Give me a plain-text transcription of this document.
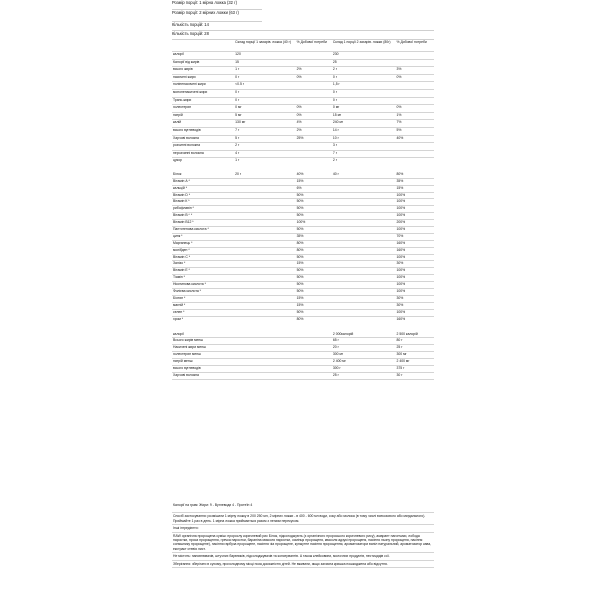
Розмір порції: 1 мірна ложка (32 г)
Розмір порції: 2 мірних ложки (63 г)
Кількість порцій: 14
Кількість порцій: 28
	Склад порції 1 захарів. ложка (40 г)	% Добової потреби	Склад 1 порції 2 захарів. ложки (80г)	% Добової потреби
калорії	120		230	
Калорії від жирів	15		25	
всього жирів	1 г	2%	2 г	3%
насичені жири	0 г	0%	0 г	0%
поліненасичені жири	<0.5 г		1,5 г	
мононенасичені жири	0 г		0 г	
Транс-жири	0 г		0 г	
холестерин	0 мг	0%	0 мг	0%
натрій	5 мг	0%	15 мг	1%
калій	130 мг	4%	240 мг	7%
всього вуглеводів	7 г	2%	14 г	5%
Харчові волокна	5 г	25%	10 г	40%
розчинні волокна	2 г		3 г	
нерозчинні волокна	4 г		7 г	
цукор	1 г		2 г	
Білок	20 г	40%	40 г	80%
Вітамін А *		15%		35%
кальцій *		6%		15%
Вітамін D *		50%		100%
Вітамін К *		50%		100%
рибофлавін *		50%		100%
Вітамін В ⁶ *		50%		100%
Вітамін В12 *		100%		200%
Пантотенова кислота *		50%		100%
цинк *		35%		70%
Марганець *		80%		160%
молібден *		80%		160%
Вітамін С *		50%		100%
Залізо *		15%		30%
Вітамін Е *		50%		100%
Тіамін *		50%		100%
Нікотинова кислота *		50%		100%
Фолієва кислота *		50%		100%
Біотин *		15%		30%
магній *		15%		30%
селен *		50%		100%
хром *		80%		160%
калорії			2 000калорій	2 500 калорій
Всього жирів менш			65 г	80 г
Насичені жири менш			20 г	25 г
холестерин менш			300 мг	300 мг
натрій менш			2 400 мг	2 400 мг
всього вуглеводів			300 г	375 г
Харчові волокна			25 г	30 г

Калорії на грам: Жири: 9 - Вуглеводи 4 - Протеїн 4

Спосіб застосування: розмішати 1 мірну ложку в 200 250 мл, 2 мірних ложки - в 400 - 600 мл води, соку або молока (в тому числі всекозового або мигдального). Приймайте 1 раз в день. 1 мірна ложка приймається разом з легким перекусом.

Інші інгредієнти:

RAW органічна пророщена суміш: пророслу коричневий рис Білок, підсолоджують (з органічного проросшого коричневого рису), амарант пагончики, лобода паростки, проса пророщення, гречка паростки, бараніна квасоля паростки, осмінця пророщеня, квасоля адзукі пророщеня, насіння льону пророщеня, насіння соняшнику пророщене), насіння гарбуза пророщене, насіння чіа пророщене, кунжутне насіння пророщення, ароматизатори ваніл натуральний, ароматизатор кава, екстракт стевія лист.

Не містить: наповнювачів, штучних барвників, підсолоджувачів та консервантів. А також клейковини, молочних продуктів, пестицидів сої.

Зберігання: зберігати в сухому, прохолодному місці поза досяжністю дітей. Не вживати, якщо захисна кришка пошкоджена або відсутня.
